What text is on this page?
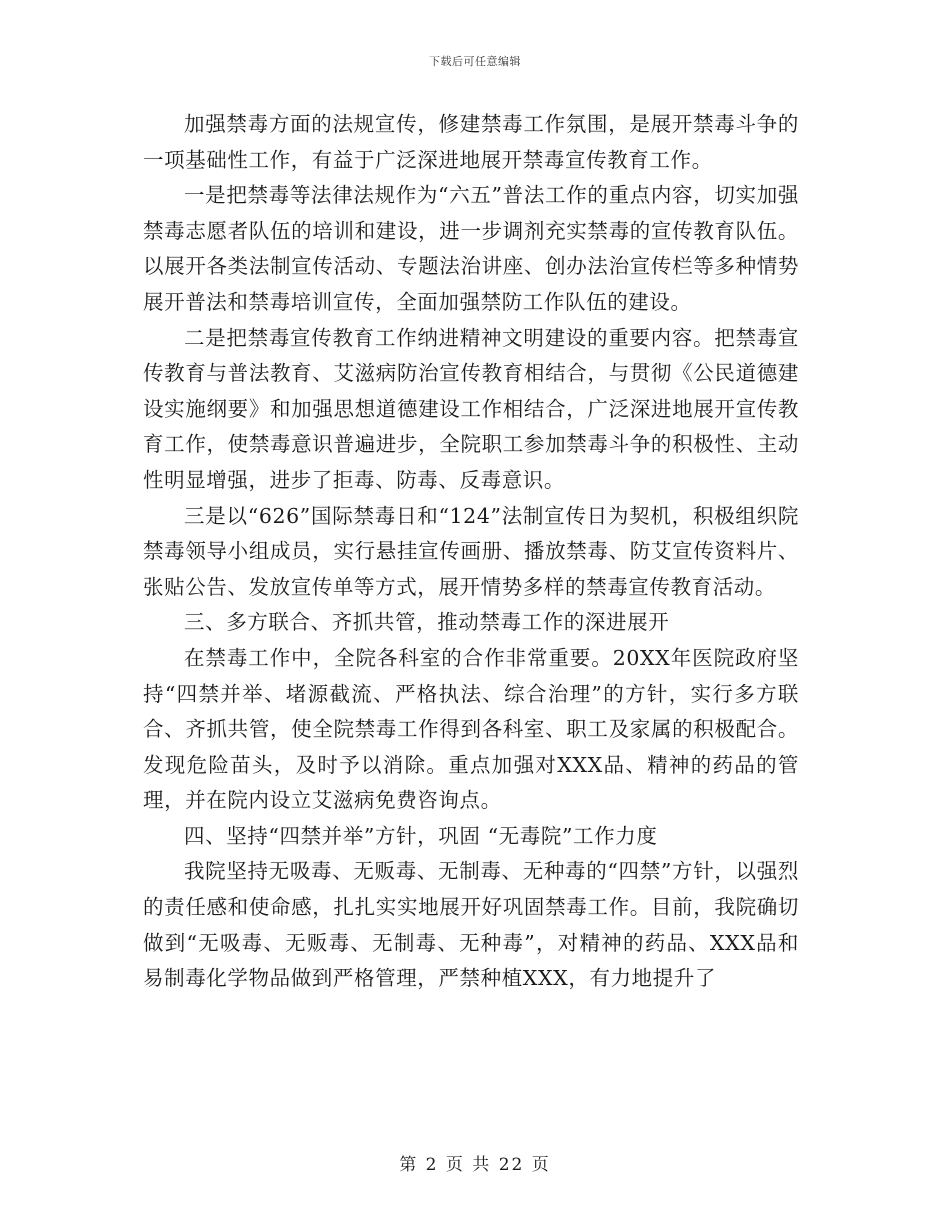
下载后可任意编辑

加强禁毒方面的法规宣传，修建禁毒工作氛围，是展开禁毒斗争的一项基础性工作，有益于广泛深进地展开禁毒宣传教育工作。

一是把禁毒等法律法规作为“六五”普法工作的重点内容，切实加强禁毒志愿者队伍的培训和建设，进一步调剂充实禁毒的宣传教育队伍。以展开各类法制宣传活动、专题法治讲座、创办法治宣传栏等多种情势展开普法和禁毒培训宣传，全面加强禁防工作队伍的建设。

二是把禁毒宣传教育工作纳进精神文明建设的重要内容。把禁毒宣传教育与普法教育、艾滋病防治宣传教育相结合，与贯彻《公民道德建设实施纲要》和加强思想道德建设工作相结合，广泛深进地展开宣传教育工作，使禁毒意识普遍进步，全院职工参加禁毒斗争的积极性、主动性明显增强，进步了拒毒、防毒、反毒意识。

三是以“626”国际禁毒日和“124”法制宣传日为契机，积极组织院禁毒领导小组成员，实行悬挂宣传画册、播放禁毒、防艾宣传资料片、张贴公告、发放宣传单等方式，展开情势多样的禁毒宣传教育活动。

三、多方联合、齐抓共管，推动禁毒工作的深进展开

在禁毒工作中，全院各科室的合作非常重要。20XX年医院政府坚持“四禁并举、堵源截流、严格执法、综合治理”的方针，实行多方联合、齐抓共管，使全院禁毒工作得到各科室、职工及家属的积极配合。发现危险苗头，及时予以消除。重点加强对XXX品、精神的药品的管理，并在院内设立艾滋病免费咨询点。

四、坚持“四禁并举”方针，巩固 “无毒院”工作力度

我院坚持无吸毒、无贩毒、无制毒、无种毒的“四禁”方针，以强烈的责任感和使命感，扎扎实实地展开好巩固禁毒工作。目前，我院确切做到“无吸毒、无贩毒、无制毒、无种毒”，对精神的药品、XXX品和易制毒化学物品做到严格管理，严禁种植XXX，有力地提升了

第 2 页 共 22 页
